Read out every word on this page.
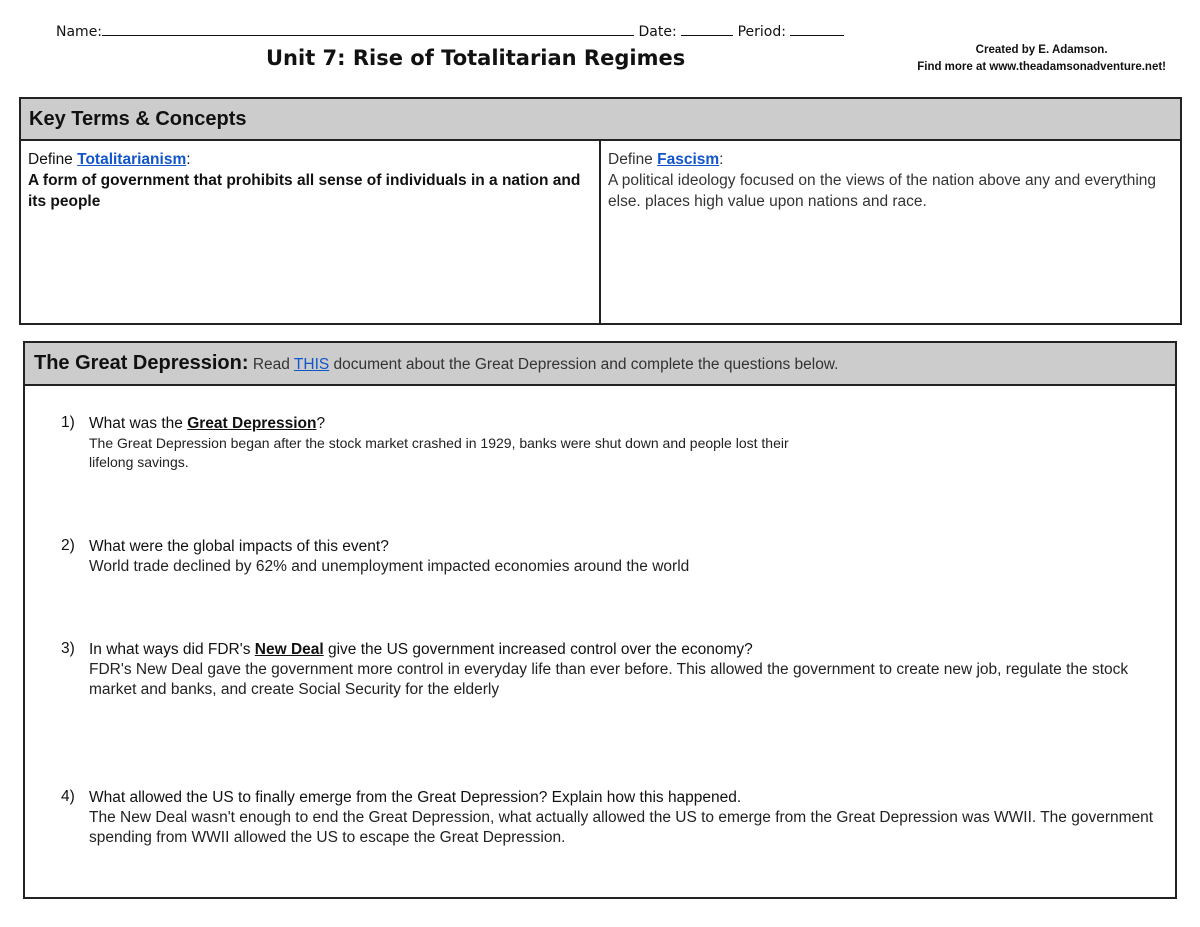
Name:	Date:	Period:
Unit 7: Rise of Totalitarian Regimes	Created by E. Adamson.
Find more at www.theadamsonadventure.net!
Key Terms & Concepts
Define Totalitarianism:
A form of government that prohibits all sense of individuals in a nation and its people
Define Fascism:
A political ideology focused on the views of the nation above any and everything else. places high value upon nations and race.
The Great Depression: Read THIS document about the Great Depression and complete the questions below.
1) What was the Great Depression?
The Great Depression began after the stock market crashed in 1929, banks were shut down and people lost their lifelong savings.
2) What were the global impacts of this event?
World trade declined by 62% and unemployment impacted economies around the world
3) In what ways did FDR's New Deal give the US government increased control over the economy?
FDR's New Deal gave the government more control in everyday life than ever before. This allowed the government to create new job, regulate the stock market and banks, and create Social Security for the elderly
4) What allowed the US to finally emerge from the Great Depression? Explain how this happened.
The New Deal wasn't enough to end the Great Depression, what actually allowed the US to emerge from the Great Depression was WWII. The government spending from WWII allowed the US to escape the Great Depression.
